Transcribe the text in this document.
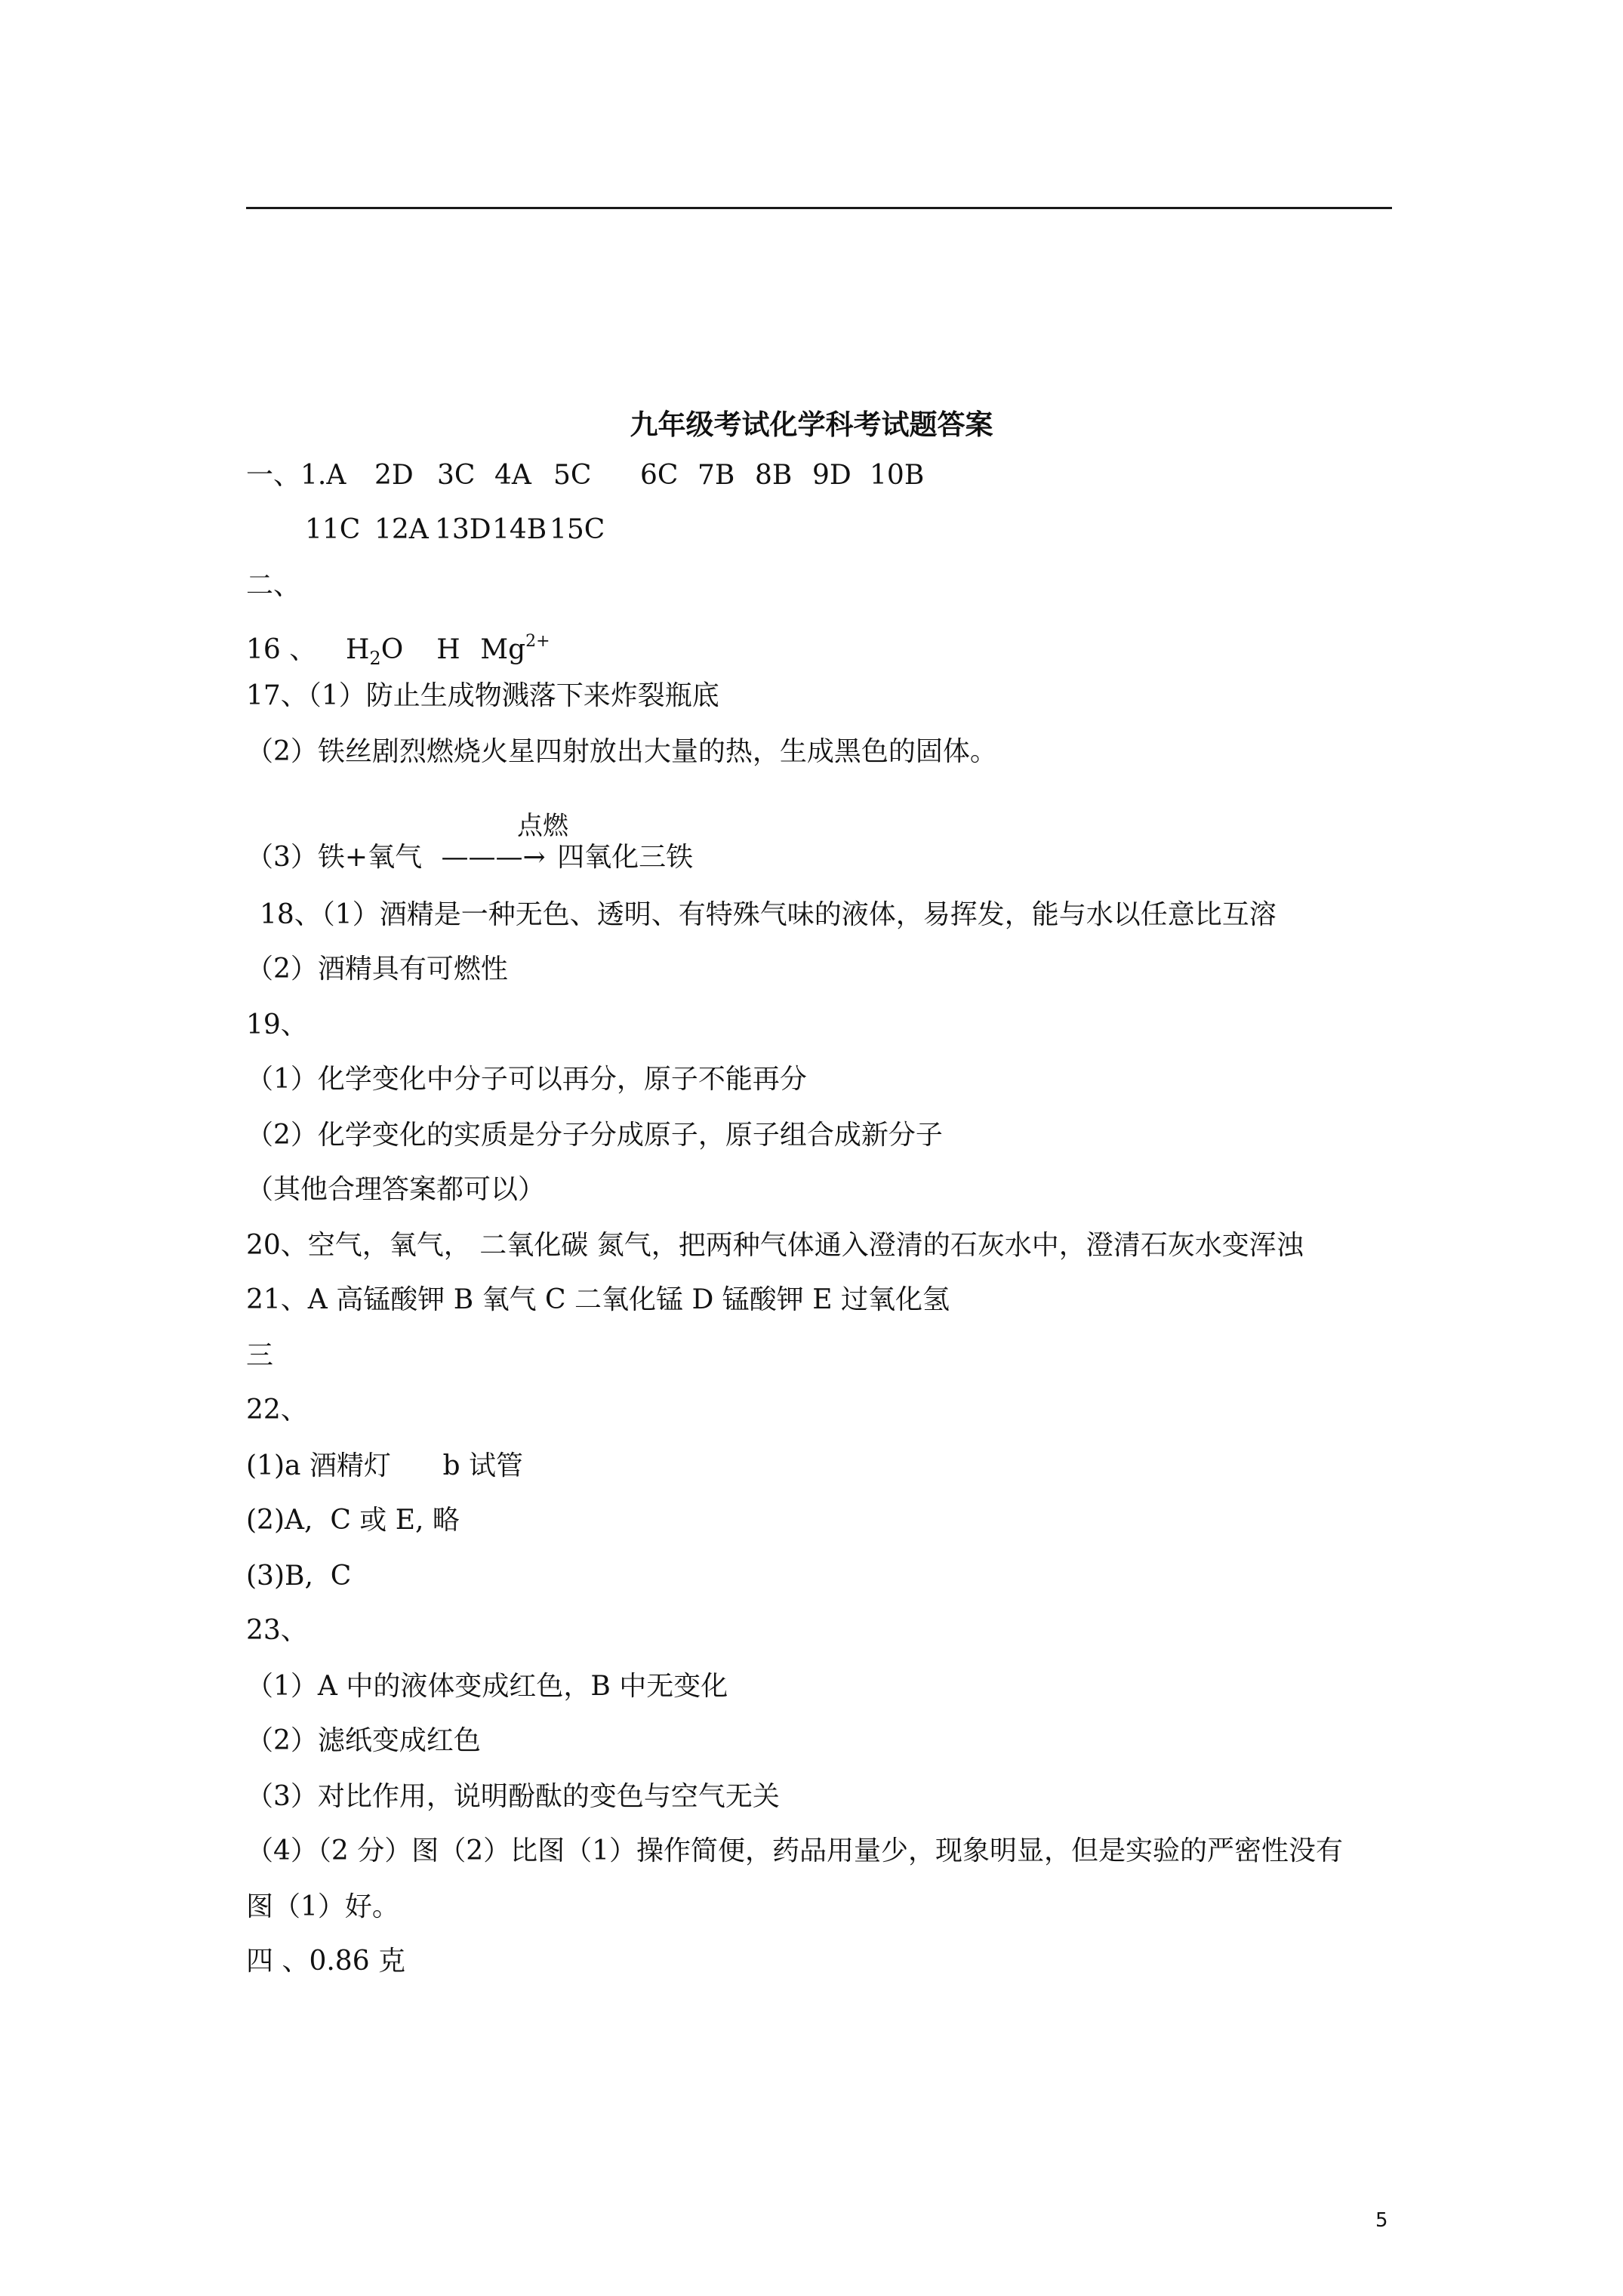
九年级考试化学科考试题答案
一、1.A 2D 3C 4A 5C 6C 7B 8B 9D 10B
11C 12A 13D14B 15C
二、
16 、 $H_2O$ H $Mg^{2+}$
17、（1）防止生成物溅落下来炸裂瓶底
（2）铁丝剧烈燃烧火星四射放出大量的热，生成黑色的固体。
点燃
（3）铁+氧气 ———→ 四氧化三铁
18、（1）酒精是一种无色、透明、有特殊气味的液体，易挥发，能与水以任意比互溶
（2）酒精具有可燃性
19、
（1）化学变化中分子可以再分，原子不能再分
（2）化学变化的实质是分子分成原子，原子组合成新分子
（其他合理答案都可以）
20、空气，氧气， 二氧化碳 氮气，把两种气体通入澄清的石灰水中，澄清石灰水变浑浊
21、A 高锰酸钾 B 氧气 C 二氧化锰 D 锰酸钾 E 过氧化氢
三
22、
(1)a 酒精灯      b 试管
(2)A,  C 或 E, 略
(3)B,  C
23、
（1）A 中的液体变成红色，B 中无变化
（2）滤纸变成红色
（3）对比作用，说明酚酞的变色与空气无关
（4）（2 分）图（2）比图（1）操作简便，药品用量少，现象明显，但是实验的严密性没有
图（1）好。
四 、0.86 克
5
